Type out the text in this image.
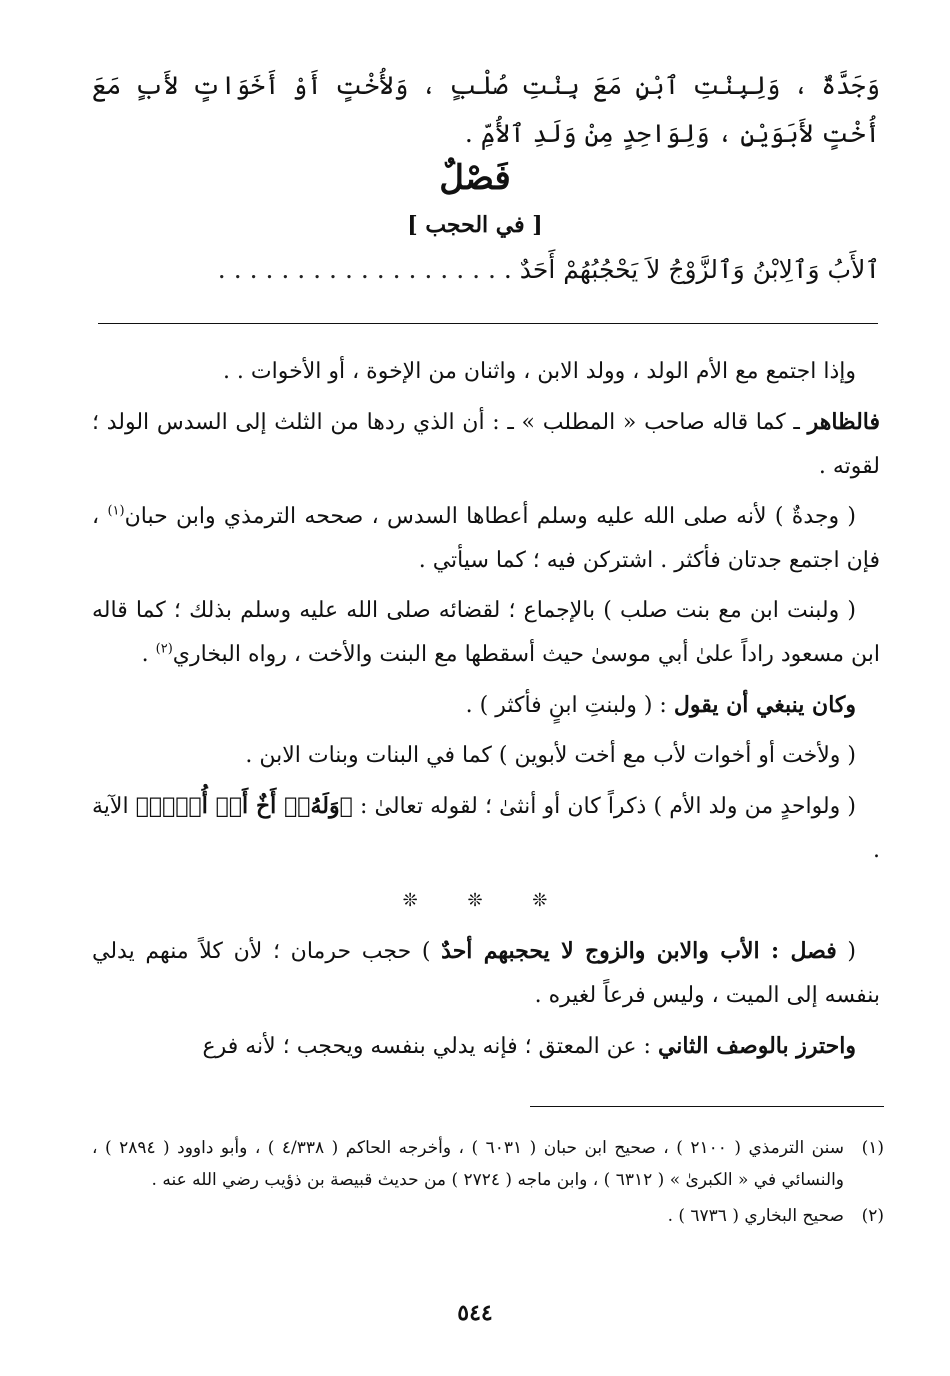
وَجَدَّةٌ ، وَلِبِنْتِ ٱبْنٍ مَعَ بِنْتِ صُلْبٍ ، وَلأُخْتٍ أَوْ أَخَوَاتٍ لأَبٍ مَعَ أُخْتٍ لأَبَوَيْنِ ، وَلِوَاحِدٍ مِنْ وَلَدِ ٱلأُمِّ .
فَصْلٌ
[ في الحجب ]
ٱلأَبُ وَٱلِابْنُ وَٱلزَّوْجُ لاَ يَحْجُبُهُمْ أَحَدٌ . . . . . . . . . . . . . . . . . . .

وإذا اجتمع مع الأم الولد ، وولد الابن ، واثنان من الإخوة ، أو الأخوات . .

فالظاهر ـ كما قاله صاحب « المطلب » ـ : أن الذي ردها من الثلث إلى السدس الولد ؛ لقوته .

( وجدةٌ ) لأنه صلى الله عليه وسلم أعطاها السدس ، صححه الترمذي وابن حبان$^{(١)}$ ، فإن اجتمع جدتان فأكثر . اشتركن فيه ؛ كما سيأتي .

( ولبنت ابن مع بنت صلب ) بالإجماع ؛ لقضائه صلى الله عليه وسلم بذلك ؛ كما قاله ابن مسعود راداً علىٰ أبي موسىٰ حيث أسقطها مع البنت والأخت ، رواه البخاري$^{(٢)}$ .

وكان ينبغي أن يقول : ( ولبنتِ ابنٍ فأكثر ) .

( ولأخت أو أخوات لأب مع أخت لأبوين ) كما في البنات وبنات الابن .

( ولواحدٍ من ولد الأم ) ذكراً كان أو أنثىٰ ؛ لقوله تعالىٰ : ﴿وَلَهُۥٓ أَخٌ أَوۡ أُخۡتٞ﴾ الآية .

❊ ❊ ❊

( فصل : الأب والابن والزوج لا يحجبهم أحدٌ ) حجب حرمان ؛ لأن كلاً منهم يدلي بنفسه إلى الميت ، وليس فرعاً لغيره .

واحترز بالوصف الثاني : عن المعتق ؛ فإنه يدلي بنفسه ويحجب ؛ لأنه فرع

(١)
سنن الترمذي ( ٢١٠٠ ) ، صحيح ابن حبان ( ٦٠٣١ ) ، وأخرجه الحاكم ( ٤/٣٣٨ ) ، وأبو داوود ( ٢٨٩٤ ) ، والنسائي في « الكبرىٰ » ( ٦٣١٢ ) ، وابن ماجه ( ٢٧٢٤ ) من حديث قبيصة بن ذؤيب رضي الله عنه .
(٢)
صحيح البخاري ( ٦٧٣٦ ) .
٥٤٤
